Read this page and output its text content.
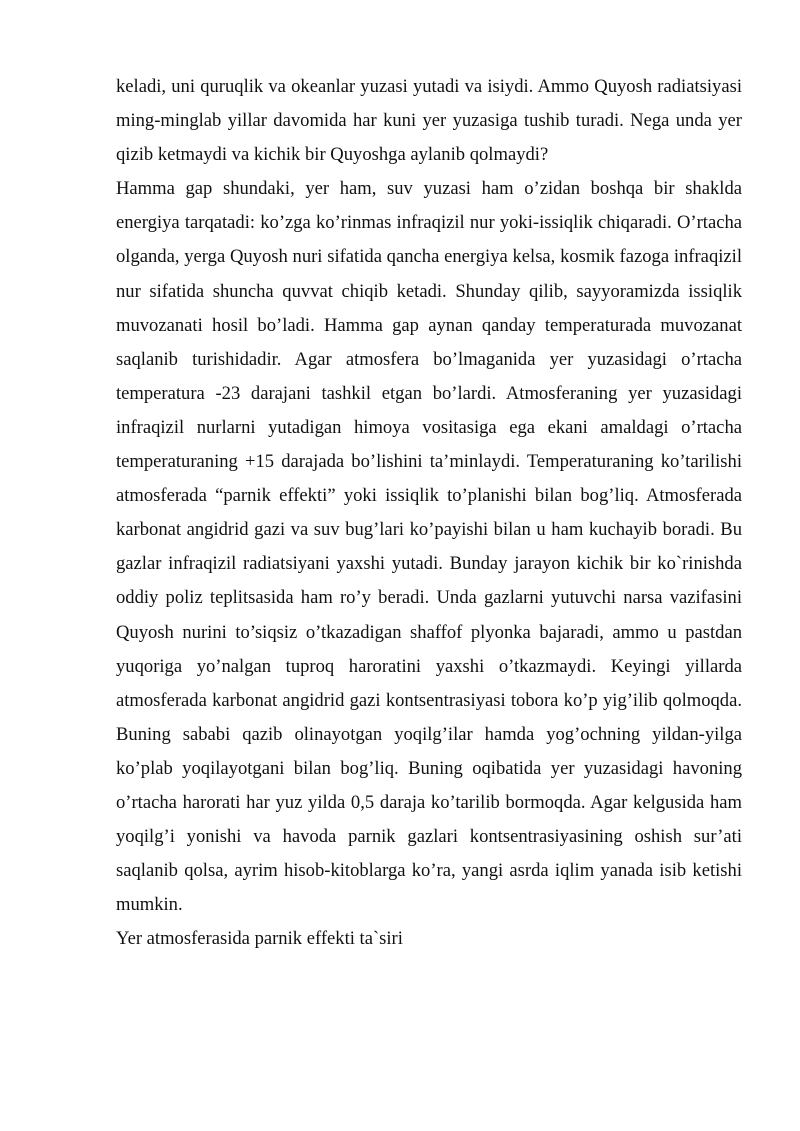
keladi, uni quruqlik va okeanlar yuzasi yutadi va isiydi. Ammo Quyosh radiatsiyasi ming-minglab yillar davomida har kuni yer yuzasiga tushib turadi. Nega unda yer qizib ketmaydi va kichik bir Quyoshga aylanib qolmaydi?

Hamma gap shundaki, yer ham, suv yuzasi ham o’zidan boshqa bir shaklda energiya tarqatadi: ko’zga ko’rinmas infraqizil nur yoki-issiqlik chiqaradi. O’rtacha olganda, yerga Quyosh nuri sifatida qancha energiya kelsa, kosmik fazoga infraqizil nur sifatida shuncha quvvat chiqib ketadi. Shunday qilib, sayyoramizda issiqlik muvozanati hosil bo’ladi. Hamma gap aynan qanday temperaturada muvozanat saqlanib turishidadir. Agar atmosfera bo’lmaganida yer yuzasidagi o’rtacha temperatura -23 darajani tashkil etgan bo’lardi. Atmosferaning yer yuzasidagi infraqizil nurlarni yutadigan himoya vositasiga ega ekani amaldagi o’rtacha temperaturaning +15 darajada bo’lishini ta’minlaydi. Temperaturaning ko’tarilishi atmosferada “parnik effekti” yoki issiqlik to’planishi bilan bog’liq. Atmosferada karbonat angidrid gazi va suv bug’lari ko’payishi bilan u ham kuchayib boradi. Bu gazlar infraqizil radiatsiyani yaxshi yutadi. Bunday jarayon kichik bir ko`rinishda oddiy poliz teplitsasida ham ro’y beradi. Unda gazlarni yutuvchi narsa vazifasini Quyosh nurini to’siqsiz o’tkazadigan shaffof plyonka bajaradi, ammo u pastdan yuqoriga yo’nalgan tuproq haroratini yaxshi o’tkazmaydi. Keyingi yillarda atmosferada karbonat angidrid gazi kontsentrasiyasi tobora ko’p yig’ilib qolmoqda. Buning sababi qazib olinayotgan yoqilg’ilar hamda yog’ochning yildan-yilga ko’plab yoqilayotgani bilan bog’liq. Buning oqibatida yer yuzasidagi havoning o’rtacha harorati har yuz yilda 0,5 daraja ko’tarilib bormoqda. Agar kelgusida ham yoqilg’i yonishi va havoda parnik gazlari kontsentrasiyasining oshish sur’ati saqlanib qolsa, ayrim hisob-kitoblarga ko’ra, yangi asrda iqlim yanada isib ketishi mumkin.

Yer atmosferasida parnik effekti ta`siri
